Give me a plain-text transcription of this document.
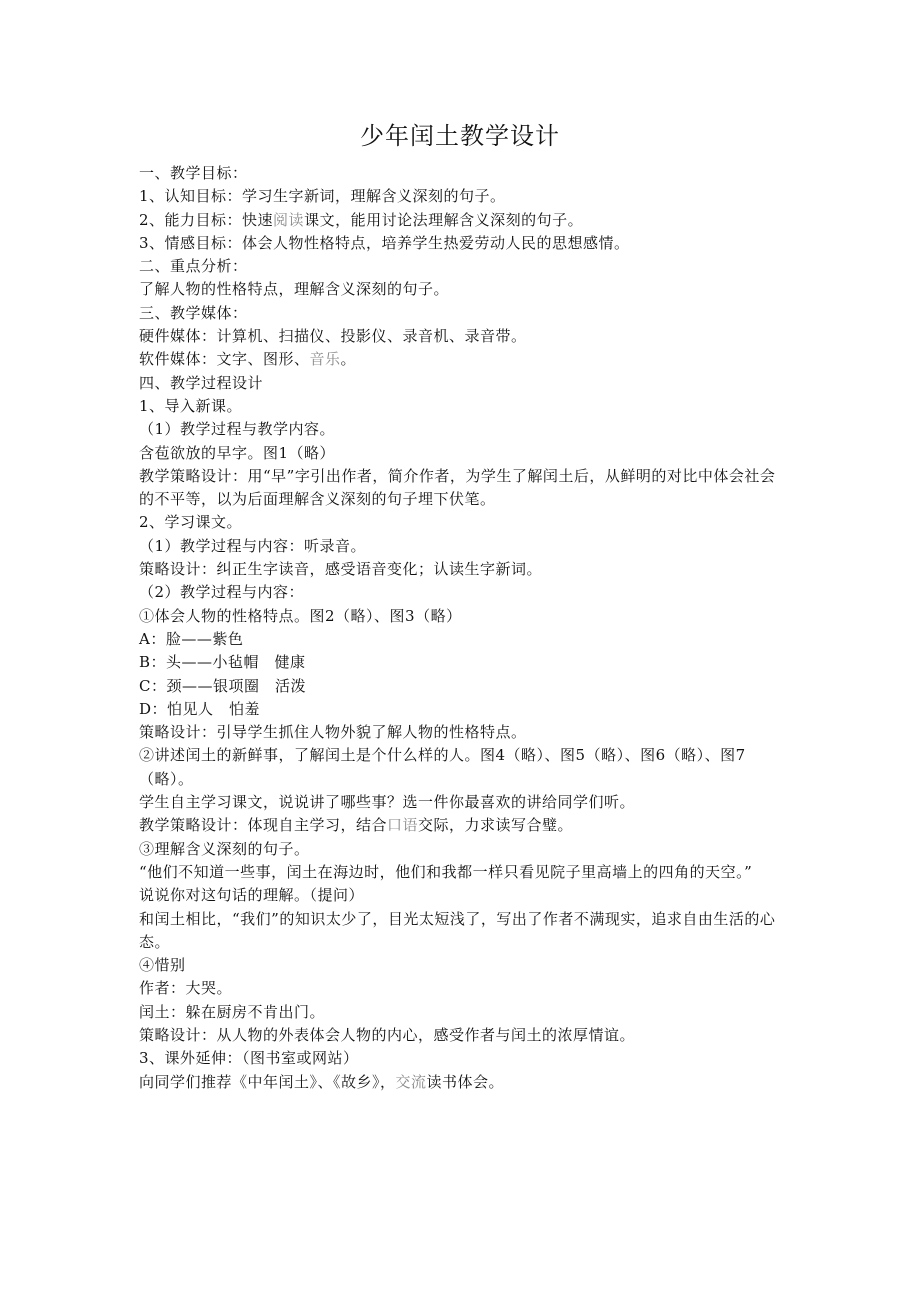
少年闰土教学设计
一、教学目标：
1、认知目标：学习生字新词，理解含义深刻的句子。
2、能力目标：快速阅读课文，能用讨论法理解含义深刻的句子。
3、情感目标：体会人物性格特点，培养学生热爱劳动人民的思想感情。
二、重点分析：
了解人物的性格特点，理解含义深刻的句子。
三、教学媒体：
硬件媒体：计算机、扫描仪、投影仪、录音机、录音带。
软件媒体：文字、图形、音乐。
四、教学过程设计
1、导入新课。
（1）教学过程与教学内容。
含苞欲放的早字。图1（略）
教学策略设计：用“早”字引出作者，简介作者，为学生了解闰土后，从鲜明的对比中体会社会的不平等，以为后面理解含义深刻的句子埋下伏笔。
2、学习课文。
（1）教学过程与内容：听录音。
策略设计：纠正生字读音，感受语音变化；认读生字新词。
（2）教学过程与内容：
①体会人物的性格特点。图2（略）、图3（略）
A：脸——紫色
B：头——小毡帽　健康
C：颈——银项圈　活泼
D：怕见人　怕羞
策略设计：引导学生抓住人物外貌了解人物的性格特点。
②讲述闰土的新鲜事，了解闰土是个什么样的人。图4（略）、图5（略）、图6（略）、图7（略）。
学生自主学习课文，说说讲了哪些事？选一件你最喜欢的讲给同学们听。
教学策略设计：体现自主学习，结合口语交际，力求读写合璧。
③理解含义深刻的句子。
“他们不知道一些事，闰土在海边时，他们和我都一样只看见院子里高墙上的四角的天空。”
说说你对这句话的理解。（提问）
和闰土相比，“我们”的知识太少了，目光太短浅了，写出了作者不满现实，追求自由生活的心态。
④惜别
作者：大哭。
闰土：躲在厨房不肯出门。
策略设计：从人物的外表体会人物的内心，感受作者与闰土的浓厚情谊。
3、课外延伸：（图书室或网站）
向同学们推荐《中年闰土》、《故乡》，交流读书体会。
